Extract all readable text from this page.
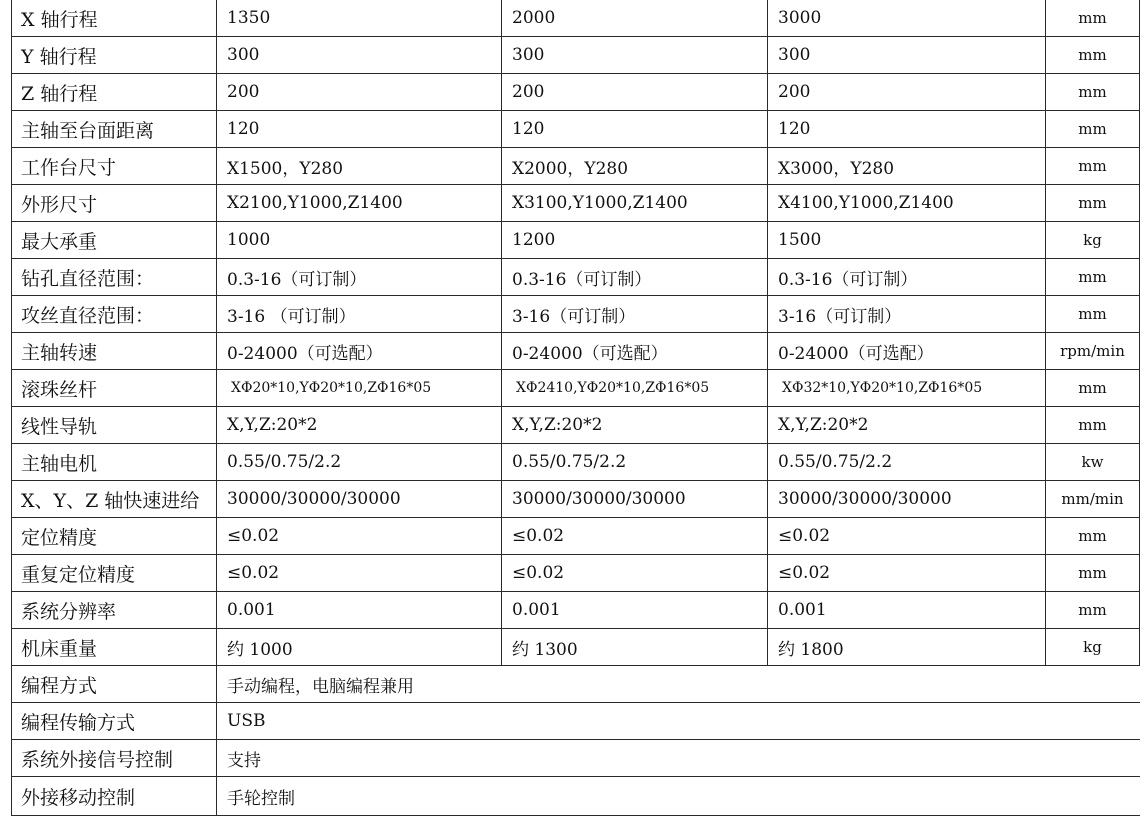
X 轴行程	1350	2000	3000	mm
Y 轴行程	300	300	300	mm
Z 轴行程	200	200	200	mm
主轴至台面距离	120	120	120	mm
工作台尺寸	X1500，Y280	X2000，Y280	X3000，Y280	mm
外形尺寸	X2100,Y1000,Z1400	X3100,Y1000,Z1400	X4100,Y1000,Z1400	mm
最大承重	1000	1200	1500	kg
钻孔直径范围：	0.3-16（可订制）	0.3-16（可订制）	0.3-16（可订制）	mm
攻丝直径范围：	3-16 （可订制）	3-16（可订制）	3-16（可订制）	mm
主轴转速	0-24000（可选配）	0-24000（可选配）	0-24000（可选配）	rpm/min
滚珠丝杆	XΦ20*10,YΦ20*10,ZΦ16*05	XΦ2410,YΦ20*10,ZΦ16*05	XΦ32*10,YΦ20*10,ZΦ16*05	mm
线性导轨	X,Y,Z:20*2	X,Y,Z:20*2	X,Y,Z:20*2	mm
主轴电机	0.55/0.75/2.2	0.55/0.75/2.2	0.55/0.75/2.2	kw
X、Y、Z 轴快速进给	30000/30000/30000	30000/30000/30000	30000/30000/30000	mm/min
定位精度	≤0.02	≤0.02	≤0.02	mm
重复定位精度	≤0.02	≤0.02	≤0.02	mm
系统分辨率	0.001	0.001	0.001	mm
机床重量	约 1000	约 1300	约 1800	kg
编程方式	手动编程，电脑编程兼用			
编程传输方式	USB			
系统外接信号控制	支持			
外接移动控制	手轮控制			
